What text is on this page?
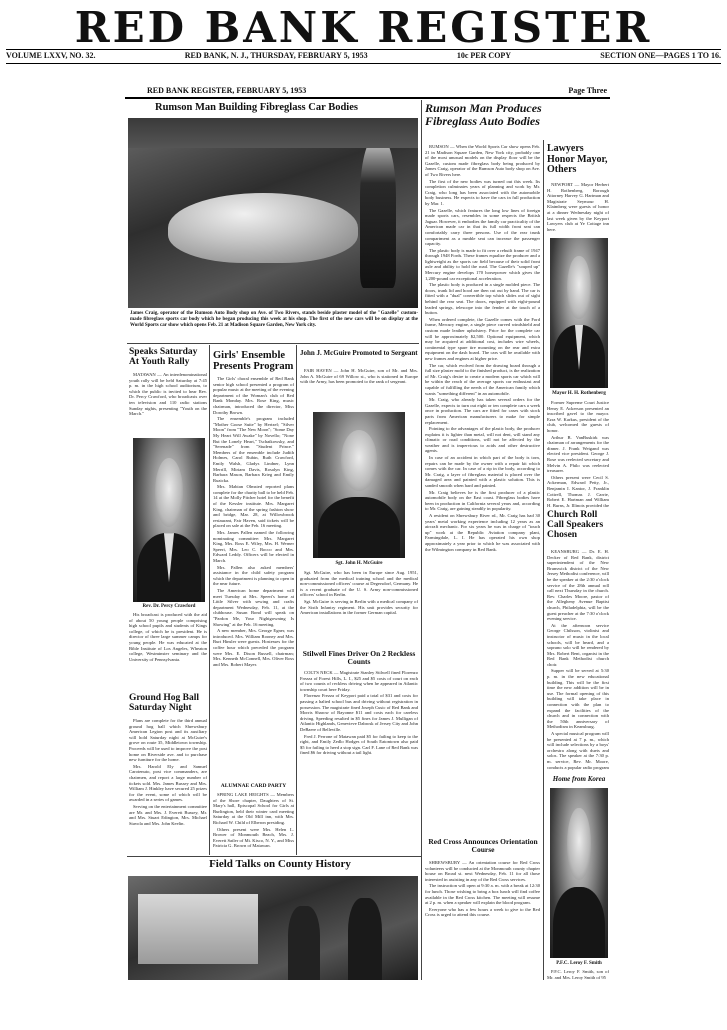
RED BANK REGISTER
VOLUME LXXV, NO. 32.	RED BANK, N. J., THURSDAY, FEBRUARY 5, 1953	10c PER COPY	SECTION ONE—PAGES 1 TO 16.
RED BANK REGISTER, FEBRUARY 5, 1953	Page Three
Rumson Man Building Fibreglass Car Bodies
James Craig, operator of the Rumson Auto Body shop on Ave. of Two Rivers, stands beside plaster model of the "Gazelle" custom-made fibreglass sports car body which he began producing this week at his shop. The first of the new cars will be on display at the World Sports car show which opens Feb. 21 at Madison Square Garden, New York city.
Rumson Man Produces Fibreglass Auto Bodies

RUMSON — When the World Sports Car show opens Feb. 21 in Madison Square Garden, New York city, probably one of the most unusual models on the display floor will be the Gazelle, custom made fibreglass body being produced by James Craig, operator of the Rumson Auto body shop on Ave. of Two Rivers here.

The first of the new bodies was turned out this week. Its completion culminates years of planning and work by Mr. Craig, who long has been associated with the automobile body business. He expects to have the cars in full production by Mar. 1.

The Gazelle, which features the long low lines of foreign made sports cars, resembles in some respects the British Jaguar. However, it embodies the family car practicality of the American made car in that its full width front seat can comfortably carry three persons. Use of the rear trunk compartment as a rumble seat can increase the passenger capacity.

The plastic body is made to fit over a rebuilt frame of 1947 through 1948 Fords. These frames equalize the producer and a lightweight as the sports car field because of their solid front axle and ability to hold the road. The Gazelle's "souped up" Mercury engine develops 170 horsepower which gives the 1,200-pound car exceptional acceleration.

The plastic body is produced in a single molded piece. The doors, trunk lid and hood are then cut out by hand. The car is fitted with a "dual" convertible top which slides out of sight behind the rear seat. The doors, equipped with eight-pound leaded springs, telescope into the fender at the touch of a button.

When ordered complete, the Gazelle comes with the Ford frame, Mercury engine, a single piece curved windshield and custom made leather upholstery. Price for the complete car will be approximately $2,500. Optional equipment, which may be acquired at additional cost, includes wire wheels, continental type spare tire mounting on the rear and extra equipment on the dash board. The cars will be available with new frames and engines at higher price.

The car, which evolved from the drawing board through a full size plaster mold to the finished product, is the realization of Mr. Craig's desire to create a modern sports car which will be within the reach of the average sports car enthusiast and capable of fulfilling the needs of the American family which wants "something different" in an automobile.

Mr. Craig, who already has taken several orders for the Gazelle, expects to turn out eight or ten complete cars a week once in production. The cars are fitted for cases with stock parts from American manufacturers to make for simple replacement.

Pointing to the advantages of the plastic body, the producer explains it is lighter than metal, will not dent, will stand any climatic or road conditions, will not be affected by the weather and is impervious to acids and other destructive agents.

In case of an accident in which part of the body is torn, repairs can be made by the owner with a repair kit which comes with the car. In case of a rip in the body, according to Mr. Craig, a layer of fibreglass material is placed over the damaged area and painted with a plastic solution. This is sanded smooth when hard and painted.

Mr. Craig believes he is the first producer of a plastic automobile body on the East coast. Fibreglass bodies have been in production in California several years and, according to Mr. Craig, are gaining steadily in popularity.

A resident on Shrewsbury River rd., Mr. Craig has had 30 years' metal working experience including 12 years as an aircraft mechanic. For six years he was in charge of "touch up" work at the Republic Aviation company plant, Farmingdale, L. I. He has operated his own shop approximately a year prior to which he was associated with the Wilmington company in Red Bank.

Red Cross Announces Orientation Course

SHREWSBURY — An orientation course for Red Cross volunteers will be conducted at the Monmouth county chapter house on Broad st. next Wednesday, Feb. 11 for all those interested in assisting in any of the Red Cross services.

The instruction will open at 9:30 a. m. with a break at 12:30 for lunch. Those wishing to bring a box lunch will find coffee available in the Red Cross kitchen. The meeting will resume at 2 p. m. when a speaker will explain the blood program.

Everyone who has a few hours a week to give to the Red Cross is urged to attend this course.

Lawyers Honor Mayor, Others

NEWPORT — Mayor Herbert H. Rothenberg, Borough Attorney Harvey G. Hartman and Magistrate Seymour H. Klaimberg were guests of honor at a dinner Wednesday night of last week given by the Keyport Lawyers club at Ye Cottage inn here.

Mayor H. H. Rothenberg

Former Supreme Court Justice Henry E. Ackerson presented an inscribed gavel to the mayor. Ezra W. Karkus, president of the club, welcomed the guests of honor.

Arthur B. VanBuskirk was chairman of arrangements for the dinner. J. Frank Weigand was elected vice president. George J. Rose was reelected secretary and Melvin A. Philo was reelected treasurer.

Others present were Cecil S. Ackerman, Edward Petty, Jr., Benjamin I. Kantor, J. Franklin Cottrell, Thomas J. Carrie, Robert E. Hartman and William H. Burns, Jr. Illinois provided the

Church Roll Call Speakers Chosen

KEANSBURG — Dr. E. H. Decker of Red Bank, district superintendent of the New Brunswick district of the New Jersey Methodist conference, will be the speaker at the 2:30 o'clock service of the 28th annual roll call next Thursday in the church. Rev. Charles Moore, pastor of the Allegheny Avenue Baptist church, Philadelphia, will be the guest preacher at the 7:30 o'clock evening service.

At the afternoon service George Chilsson, violinist and instructor of music in the local schools, will be heard, and a soprano solo will be rendered by Mrs. Robert Bent, organist in the Red Bank Methodist church choir.

Supper will be served at 5:30 p. m. in the new educational building. This will be the first time the new addition will be in use. The formal opening of this building will take place in connection with the plan to expand the facilities of the church and in connection with the 50th anniversary of Methodism in Keansburg.

A special musical program will be presented at 7 p. m., which will include selections by a boys' orchestra along with duets and solos. The speaker at the 7:30 p. m. service, Rev. Mr. Moore, conducts a popular radio program

Home from Korea
P.F.C. Leroy F. Smith

P.F.C. Leroy F. Smith, son of Mr. and Mrs. Leroy Smith of 95

Speaks Saturday At Youth Rally

MATAWAN — An interdenominational youth rally will be held Saturday at 7:45 p. m. in the high school auditorium, to which the public is invited to hear Rev. Dr. Percy Crawford, who broadcasts over ten television and 110 radio stations Sunday nights, presenting "Youth on the March."

Rev. Dr. Percy Crawford

His broadcast is produced with the aid of about 50 young people comprising high school pupils and students of Kings college, of which he is president. He is director of three large summer camps for young people. He was educated at the Bible Institute of Los Angeles, Wheaton college, Westminster seminary and the University of Pennsylvania.

Ground Hog Ball Saturday Night

Plans are complete for the third annual ground hog ball which Shrewsbury American Legion post and its auxiliary will hold Saturday night at McGuire's grove on route 35, Middletown township. Proceeds will be used to improve the post home on Riverside ave. and to purchase new furniture for the home.

Mrs. Harold Ely and Samuel Carotenuto, post vice commanders, are chairmen, and report a large number of tickets sold. Mrs. James Bussey and Mrs. William J. Hinkley have secured 25 prizes for the event, some of which will be awarded in a series of games.

Serving on the entertainment committee are Mr. and Mrs. J. Everett Bussey, Mr. and Mrs. Stuart Edington, Mrs. Michael Stavola and Mrs. John Keelin.

Girls' Ensemble Presents Program

The Girls' choral ensemble of Red Bank senior high school presented a program of popular music at the meeting of the evening department of the Woman's club of Red Bank Monday. Mrs. Rose King, music chairman, introduced the director, Miss Dorothy Brown.

The ensemble's program included "Mother Goose Suite" by Hertzel; "Silver Moon" from "The New Moon"; "Some Day My Heart Will Awake" by Novello; "None But the Lonely Heart," Tschaikowsky, and "Serenade" from "Student Prince." Members of the ensemble include Judith Holmes, Carol Rubin, Ruth Crawford, Emily Walsh, Gladys Lindner, Lynn Merrill, Miriam Davis, Rosalyn King, Barbara Mason, Barbara Krieg and Emily Ruzicka.

Mrs. Mabian Olmsted reported plans complete for the charity ball to be held Feb. 14 at the Molly Pitcher hotel for the benefit of the Kessler institute. Mrs. Margaret King, chairman of the spring fashion show and bridge, Mar. 28, at Willowbrook restaurant, Fair Haven, said tickets will be placed on sale at the Feb. 16 meeting.

Mrs. James Pallen named the following nominating committee: Mrs. Margaret King, Mrs. Ross E. Wiley, Mrs. H. Werner Speeri, Mrs. Leo C. Bocco and Mrs. Edward Leddy. Officers will be elected in March.

Mrs. Pallen also asked members' assistance in the child safety program which the department is planning to open in the near future.

The American home department will meet Tuesday at Mrs. Speeri's home at Little Silver with sewing and crafts department Wednesday, Feb. 11, at the clubhouse. Susan Bond will speak on "Pardon Me, Your Nightgowning Is Showing" at the Feb. 16 meeting.

A new member, Mrs. George Egner, was introduced. Mrs. William Rooney and Mrs. Burt Hinsler were guests. Hostesses for the coffee hour which preceded the program were Mrs. E. Dixon Russell, chairman; Mrs. Kenneth McConnell, Mrs. Oliver Ross and Mrs. Robert Mayer.

ALUMNAE CARD PARTY

SPRING LAKE HEIGHTS — Members of the Shore chapter, Daughters of St. Mary's hall, Episcopal School for Girls at Burlington, held their winter card meeting Saturday at the Old Mill inn, with Mrs. Richard W. Child of Elberon presiding.

Others present were Mrs. Helen L. Brower of Monmouth Beach, Mrs. J. Everett Sailer of Mt. Kisco, N. Y., and Miss Patricia G. Brown of Matawan.

John J. McGuire Promoted to Sergeant

FAIR HAVEN — John H. McGuire, son of Mr. and Mrs. John A. McGuire of 69 Willow st., who is stationed in Europe with the Army, has been promoted to the rank of sergeant.

Sgt. John H. McGuire

Sgt. McGuire, who has been in Europe since Aug. 1951, graduated from the medical training school and the medical non-commissioned officers' course at Degersdorf, Germany. He is a recent graduate of the U. S. Army non-commissioned officers' school in Berlin.

Sgt. McGuire is serving in Berlin with a medical company of the Sixth Infantry regiment. His unit provides security for American installations in the former German capital.

Stilwell Fines Driver On 2 Reckless Counts

COLT'S NECK — Magistrate Stanley Stilwell fined Florenzo Frezza of Forest Hills, L. I., $25 and $5 costs of court on each of two counts of reckless driving when he appeared in Atlantic township court here Friday.

Florenzo Frezza of Keyport paid a total of $31 and costs for passing a halted school bus and driving without registration in possession. The magistrate fined Joseph Cusic of Red Bank and Morris Sharow of Bayonne $11 and costs each for careless driving. Speeding resulted in $5 fines for James J. Mulligan of Atlantic Highlands, Genevieve Dabrosk of Jersey City and John DeBaere of Belleville.

Fred J. Perrone of Matawan paid $5 for failing to keep to the right, and Emily Zedlo Hodges of South Eatontown also paid $5 for failing to heed a stop sign. Carl F. Lane of Red Bank was fined $6 for driving without a tail light.

Field Talks on County History
